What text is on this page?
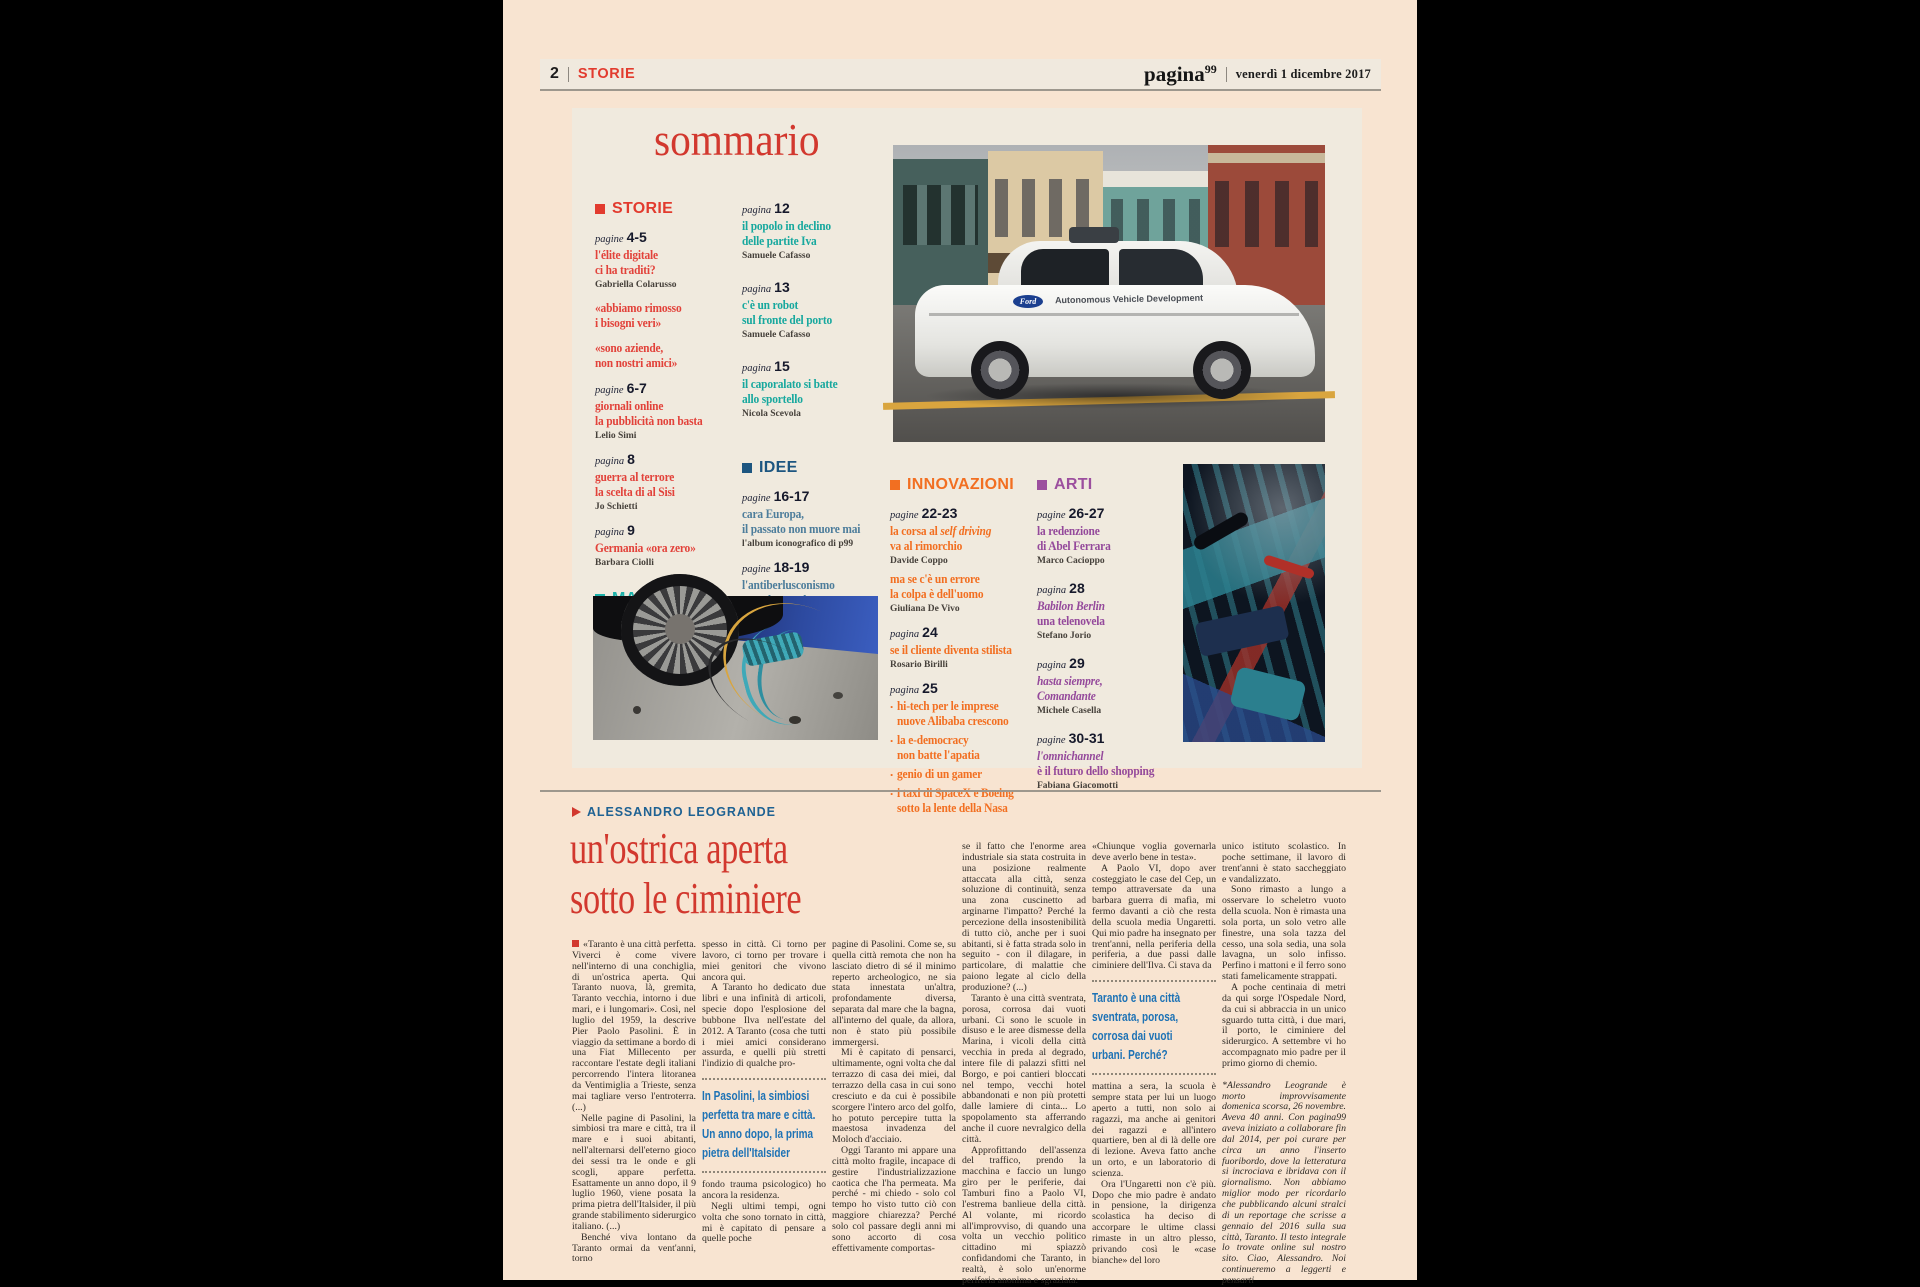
2 STORIE	pagina$^{99}$ venerdì 1 dicembre 2017
sommario
STORIE
pagine 4-5
l'élite digitale
ci ha traditi?
Gabriella Colarusso
«abbiamo rimosso
i bisogni veri»
«sono aziende,
non nostri amici»
pagine 6-7
giornali online
la pubblicità non basta
Lelio Simi
pagina 8
guerra al terrore
la scelta di al Sisi
Jo Schietti
pagina 9
Germania «ora zero»
Barbara Ciolli
pagina 12
il popolo in declino
delle partite Iva
Samuele Cafasso
pagina 13
c'è un robot
sul fronte del porto
Samuele Cafasso
pagina 15
il caporalato si batte
allo sportello
Nicola Scevola
IDEE
pagine 16-17
cara Europa,
il passato non muore mai
l'album iconografico di p99
pagine 18-19
l'antiberlusconismo

INNOVAZIONI
pagine 22-23
la corsa al self driving
va al rimorchio
Davide Coppo
ma se c'è un errore
la colpa è dell'uomo
Giuliana De Vivo
pagina 24
se il cliente diventa stilista
Rosario Birilli
pagina 25
. hi-tech per le imprese
nuove Alibaba crescono
. la e-democracy
non batte l'apatia
. genio di un gamer
. i taxi di SpaceX e Boeing
sotto la lente della Nasa
ARTI
pagine 26-27
la redenzione
di Abel Ferrara
Marco Cacioppo
pagina 28
Babilon Berlin
una telenovela
Stefano Jorio
pagina 29
hasta siempre,
Comandante
Michele Casella
pagine 30-31
l'omnichannel
è il futuro dello shopping
Fabiana Giacomotti
Ford Autonomous Vehicle Development
ALESSANDRO LEOGRANDE
un'ostrica aperta
sotto le ciminiere

«Taranto è una città perfetta. Viverci è come vivere nell'interno di una conchiglia, di un'ostrica aperta. Qui Taranto nuova, là, gremita, Taranto vecchia, intorno i due mari, e i lungomari». Così, nel luglio del 1959, la descrive Pier Paolo Pasolini. È in viaggio da settimane a bordo di una Fiat Millecento per raccontare l'estate degli italiani percorrendo l'intera litoranea da Ventimiglia a Trieste, senza mai tagliare verso l'entroterra. (...)

Nelle pagine di Pasolini, la simbiosi tra mare e città, tra il mare e i suoi abitanti, nell'alternarsi dell'eterno gioco dei sessi tra le onde e gli scogli, appare perfetta. Esattamente un anno dopo, il 9 luglio 1960, viene posata la prima pietra dell'Italsider, il più grande stabilimento siderurgico italiano. (...)

Benché viva lontano da Taranto ormai da vent'anni, torno

spesso in città. Ci torno per lavoro, ci torno per trovare i miei genitori che vivono ancora qui.

A Taranto ho dedicato due libri e una infinità di articoli, specie dopo l'esplosione del bubbone Ilva nell'estate del 2012. A Taranto (cosa che tutti i miei amici considerano assurda, e quelli più stretti l'indizio di qualche pro-

In Pasolini, la simbiosi
perfetta tra mare e città.
Un anno dopo, la prima
pietra dell'Italsider

fondo trauma psicologico) ho ancora la residenza.

Negli ultimi tempi, ogni volta che sono tornato in città, mi è capitato di pensare a quelle poche

pagine di Pasolini. Come se, su quella città remota che non ha lasciato dietro di sé il minimo reperto archeologico, ne sia stata innestata un'altra, profondamente diversa, separata dal mare che la bagna, all'interno del quale, da allora, non è stato più possibile immergersi.

Mi è capitato di pensarci, ultimamente, ogni volta che dal terrazzo di casa dei miei, dal terrazzo della casa in cui sono cresciuto e da cui è possibile scorgere l'intero arco del golfo, ho potuto percepire tutta la maestosa invadenza del Moloch d'acciaio.

Oggi Taranto mi appare una città molto fragile, incapace di gestire l'industrializzazione caotica che l'ha permeata. Ma perché - mi chiedo - solo col tempo ho visto tutto ciò con maggiore chiarezza? Perché solo col passare degli anni mi sono accorto di cosa effettivamente comportas-

se il fatto che l'enorme area industriale sia stata costruita in una posizione realmente attaccata alla città, senza soluzione di continuità, senza una zona cuscinetto ad arginarne l'impatto? Perché la percezione della insostenibilità di tutto ciò, anche per i suoi abitanti, si è fatta strada solo in seguito - con il dilagare, in particolare, di malattie che paiono legate al ciclo della produzione? (...)

Taranto è una città sventrata, porosa, corrosa dai vuoti urbani. Ci sono le scuole in disuso e le aree dismesse della Marina, i vicoli della città vecchia in preda al degrado, intere file di palazzi sfitti nel Borgo, e poi cantieri bloccati nel tempo, vecchi hotel abbandonati e non più protetti dalle lamiere di cinta... Lo spopolamento sta afferrando anche il cuore nevralgico della città.

Approfittando dell'assenza del traffico, prendo la macchina e faccio un lungo giro per le periferie, dai Tamburi fino a Paolo VI, l'estrema banlieue della città. Al volante, mi ricordo all'improvviso, di quando una volta un vecchio politico cittadino mi spiazzò confidandomi che Taranto, in realtà, è solo un'enorme periferia anonima e sgraziata:

«Chiunque voglia governarla deve averlo bene in testa».

A Paolo VI, dopo aver costeggiato le case del Cep, un tempo attraversate da una barbara guerra di mafia, mi fermo davanti a ciò che resta della scuola media Ungaretti. Qui mio padre ha insegnato per trent'anni, nella periferia della periferia, a due passi dalle ciminiere dell'Ilva. Ci stava da

Taranto è una città
sventrata, porosa,
corrosa dai vuoti
urbani. Perché?

mattina a sera, la scuola è sempre stata per lui un luogo aperto a tutti, non solo ai ragazzi, ma anche ai genitori dei ragazzi e all'intero quartiere, ben al di là delle ore di lezione. Aveva fatto anche un orto, e un laboratorio di scienza.

Ora l'Ungaretti non c'è più. Dopo che mio padre è andato in pensione, la dirigenza scolastica ha deciso di accorpare le ultime classi rimaste in un altro plesso, privando così le «case bianche» del loro

unico istituto scolastico. In poche settimane, il lavoro di trent'anni è stato saccheggiato e vandalizzato.

Sono rimasto a lungo a osservare lo scheletro vuoto della scuola. Non è rimasta una sola porta, un solo vetro alle finestre, una sola tazza del cesso, una sola sedia, una sola lavagna, un solo infisso. Perfino i mattoni e il ferro sono stati famelicamente strappati.

A poche centinaia di metri da qui sorge l'Ospedale Nord, da cui si abbraccia in un unico sguardo tutta città, i due mari, il porto, le ciminiere del siderurgico. A settembre vi ho accompagnato mio padre per il primo giorno di chemio.

*Alessandro Leogrande è morto improvvisamente domenica scorsa, 26 novembre. Aveva 40 anni. Con pagina99 aveva iniziato a collaborare fin dal 2014, per poi curare per circa un anno l'inserto fuoribordo, dove la letteratura si incrociava e ibridava con il giornalismo. Non abbiamo miglior modo per ricordarlo che pubblicando alcuni stralci di un reportage che scrisse a gennaio del 2016 sulla sua città, Taranto. Il testo integrale lo trovate online sul nostro sito. Ciao, Alessandro. Noi continueremo a leggerti e pensarti
